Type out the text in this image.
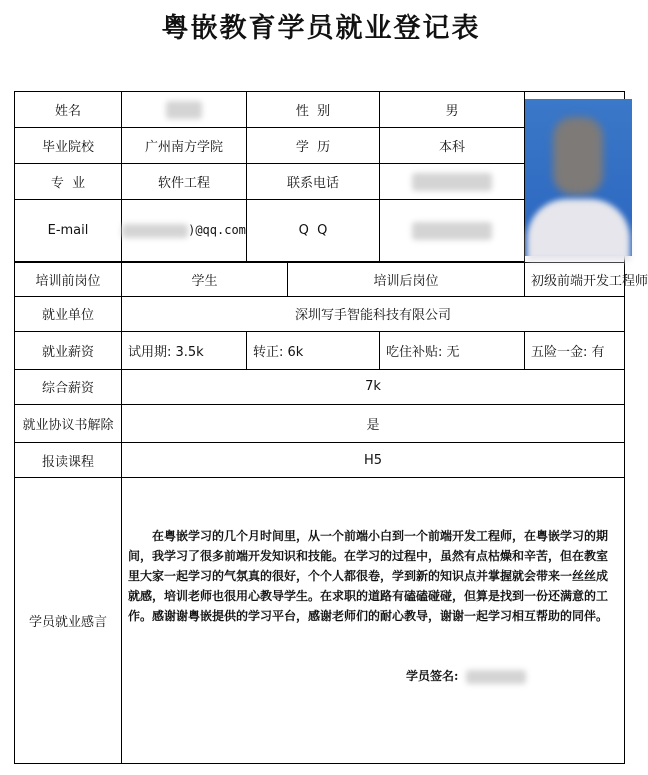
粤嵌教育学员就业登记表
姓名		性  别		男	

毕业院校	广州南方学院	学  历		本科	
专  业	软件工程	联系电话			
E-mail	)@qq.com	Q  Q			

培训前岗位	学生		培训后岗位		初级前端开发工程师
就业单位	深圳写手智能科技有限公司				
就业薪资	试用期: 3.5k	转正: 6k		吃住补贴: 无	五险一金: 有
综合薪资	7k				
就业协议书解除	是				
报读课程	H5				
学员就业感言	在粤嵌学习的几个月时间里，从一个前端小白到一个前端开发工程师，在粤嵌学习的期间，我学习了很多前端开发知识和技能。在学习的过程中，虽然有点枯燥和辛苦，但在教室里大家一起学习的气氛真的很好，个个人都很卷，学到新的知识点并掌握就会带来一丝丝成就感，培训老师也很用心教导学生。在求职的道路有磕磕碰碰，但算是找到一份还满意的工作。感谢谢粤嵌提供的学习平台，感谢老师们的耐心教导，谢谢一起学习相互帮助的同伴。

学员签名:				
